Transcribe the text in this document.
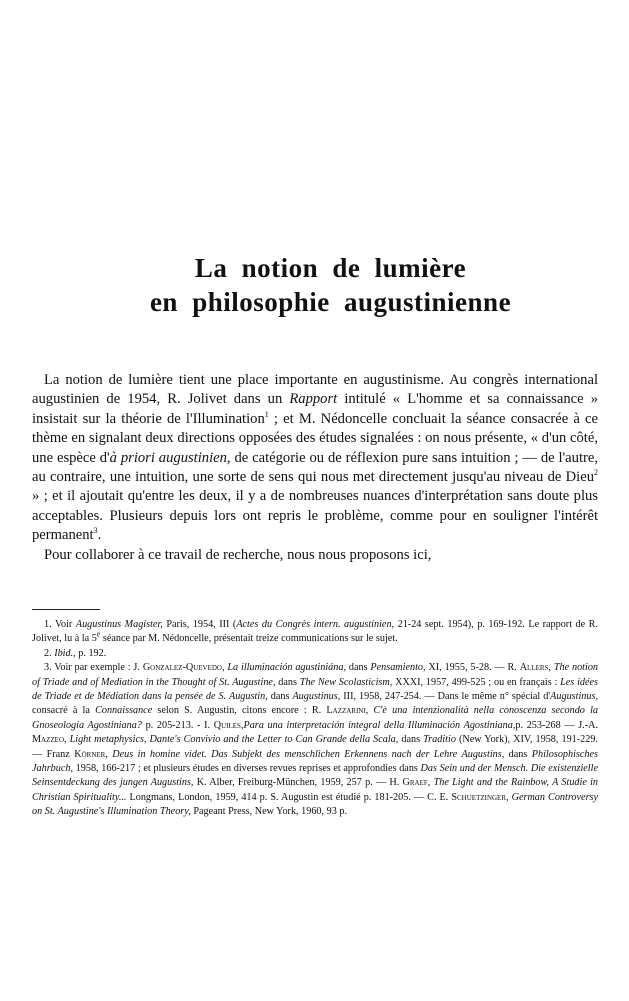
La notion de lumière
en philosophie augustinienne

La notion de lumière tient une place importante en augustinisme. Au congrès international augustinien de 1954, R. Jolivet dans un Rapport intitulé « L'homme et sa connaissance » insistait sur la théorie de l'Illumination$^1$ ; et M. Nédoncelle concluait la séance consacrée à ce thème en signalant deux directions opposées des études signalées : on nous présente, « d'un côté, une espèce d'à priori augustinien, de catégorie ou de réflexion pure sans intuition ; — de l'autre, au contraire, une intuition, une sorte de sens qui nous met directement jusqu'au niveau de Dieu$^2$ » ; et il ajoutait qu'entre les deux, il y a de nombreuses nuances d'interprétation sans doute plus acceptables. Plusieurs depuis lors ont repris le problème, comme pour en souligner l'intérêt permanent$^3$.

Pour collaborer à ce travail de recherche, nous nous proposons ici,

1. Voir Augustinus Magister, Paris, 1954, III (Actes du Congrès intern. augustinien, 21-24 sept. 1954), p. 169-192. Le rapport de R. Jolivet, lu à la 5e séance par M. Nédoncelle, présentait treize communications sur le sujet.

2. Ibid., p. 192.

3. Voir par exemple : J. Gonzalez-Quevedo, La illuminación agustiniána, dans Pensamiento, XI, 1955, 5-28. — R. Allers, The notion of Triade and of Mediation in the Thought of St. Augustine, dans The New Scolasticism, XXXI, 1957, 499-525 ; ou en français : Les idées de Triade et de Médiation dans la pensée de S. Augustin, dans Augustinus, III, 1958, 247-254. — Dans le même n° spécial d'Augustinus, consacré à la Connaissance selon S. Augustin, citons encore : R. Lazzarini, C'è una intenzionalità nella conoscenza secondo la Gnoseologia Agostiniana? p. 205-213. - I. Quiles,Para una interpretación integral della Illuminación Agostiniana,p. 253-268 — J.-A. Mazzeo, Light metaphysics, Dante's Convivio and the Letter to Can Grande della Scala, dans Traditio (New York), XIV, 1958, 191-229. — Franz Körner, Deus in homine videt. Das Subjekt des menschlichen Erkennens nach der Lehre Augustins, dans Philosophisches Jahrbuch, 1958, 166-217 ; et plusieurs études en diverses revues reprises et approfondies dans Das Sein und der Mensch. Die existenzielle Seinsentdeckung des jungen Augustins, K. Alber, Freiburg-München, 1959, 257 p. — H. Graef, The Light and the Rainbow, A Studie in Christian Spirituality... Longmans, London, 1959, 414 p. S. Augustin est étudié p. 181-205. — C. E. Schuetzinger, German Controversy on St. Augustine's Illumination Theory, Pageant Press, New York, 1960, 93 p.
